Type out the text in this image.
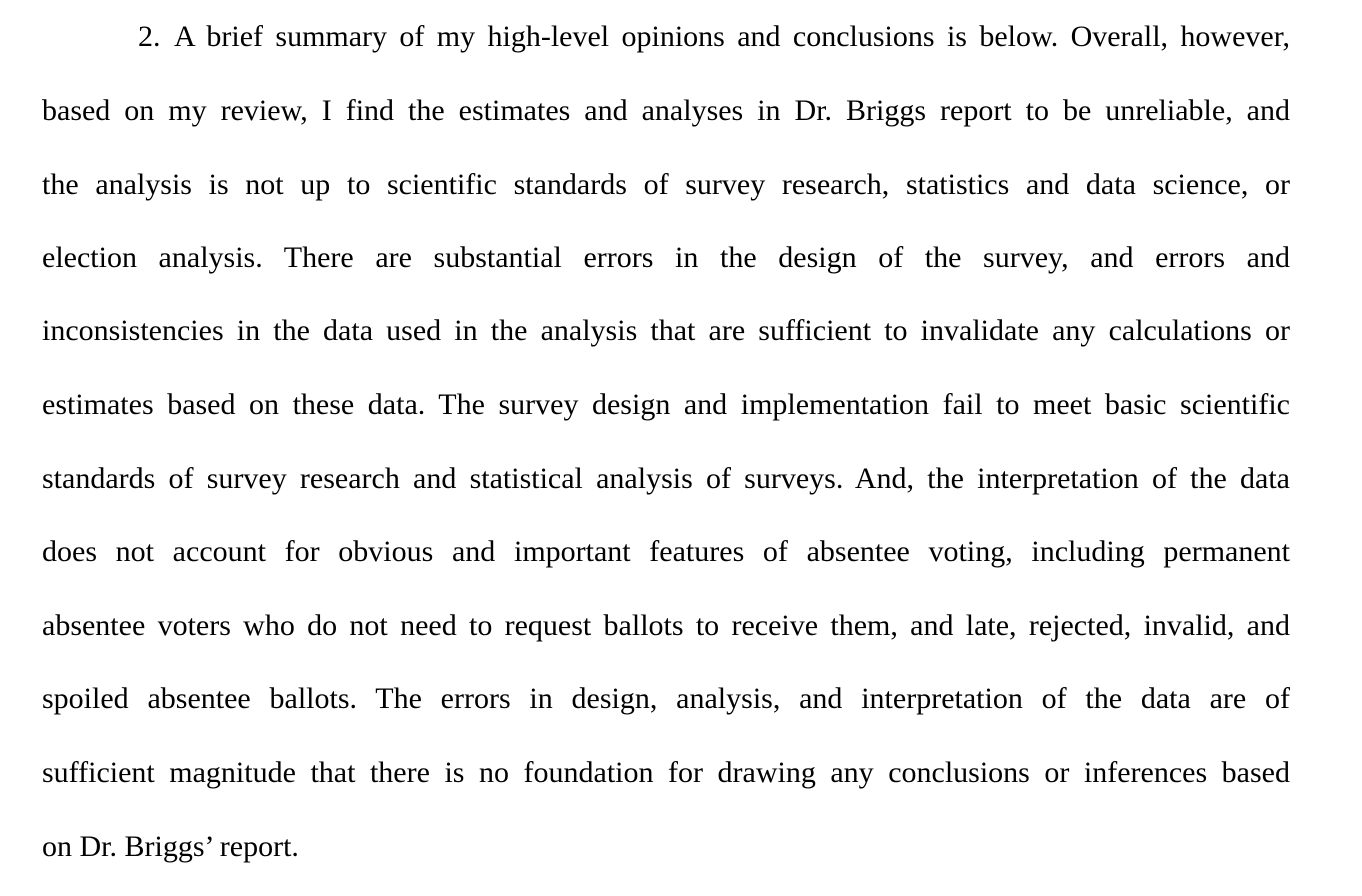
2. A brief summary of my high-level opinions and conclusions is below. Overall, however,
based on my review, I find the estimates and analyses in Dr. Briggs report to be unreliable, and
the analysis is not up to scientific standards of survey research, statistics and data science, or
election analysis. There are substantial errors in the design of the survey, and errors and
inconsistencies in the data used in the analysis that are sufficient to invalidate any calculations or
estimates based on these data. The survey design and implementation fail to meet basic scientific
standards of survey research and statistical analysis of surveys. And, the interpretation of the data
does not account for obvious and important features of absentee voting, including permanent
absentee voters who do not need to request ballots to receive them, and late, rejected, invalid, and
spoiled absentee ballots. The errors in design, analysis, and interpretation of the data are of
sufficient magnitude that there is no foundation for drawing any conclusions or inferences based
on Dr. Briggs’ report.
